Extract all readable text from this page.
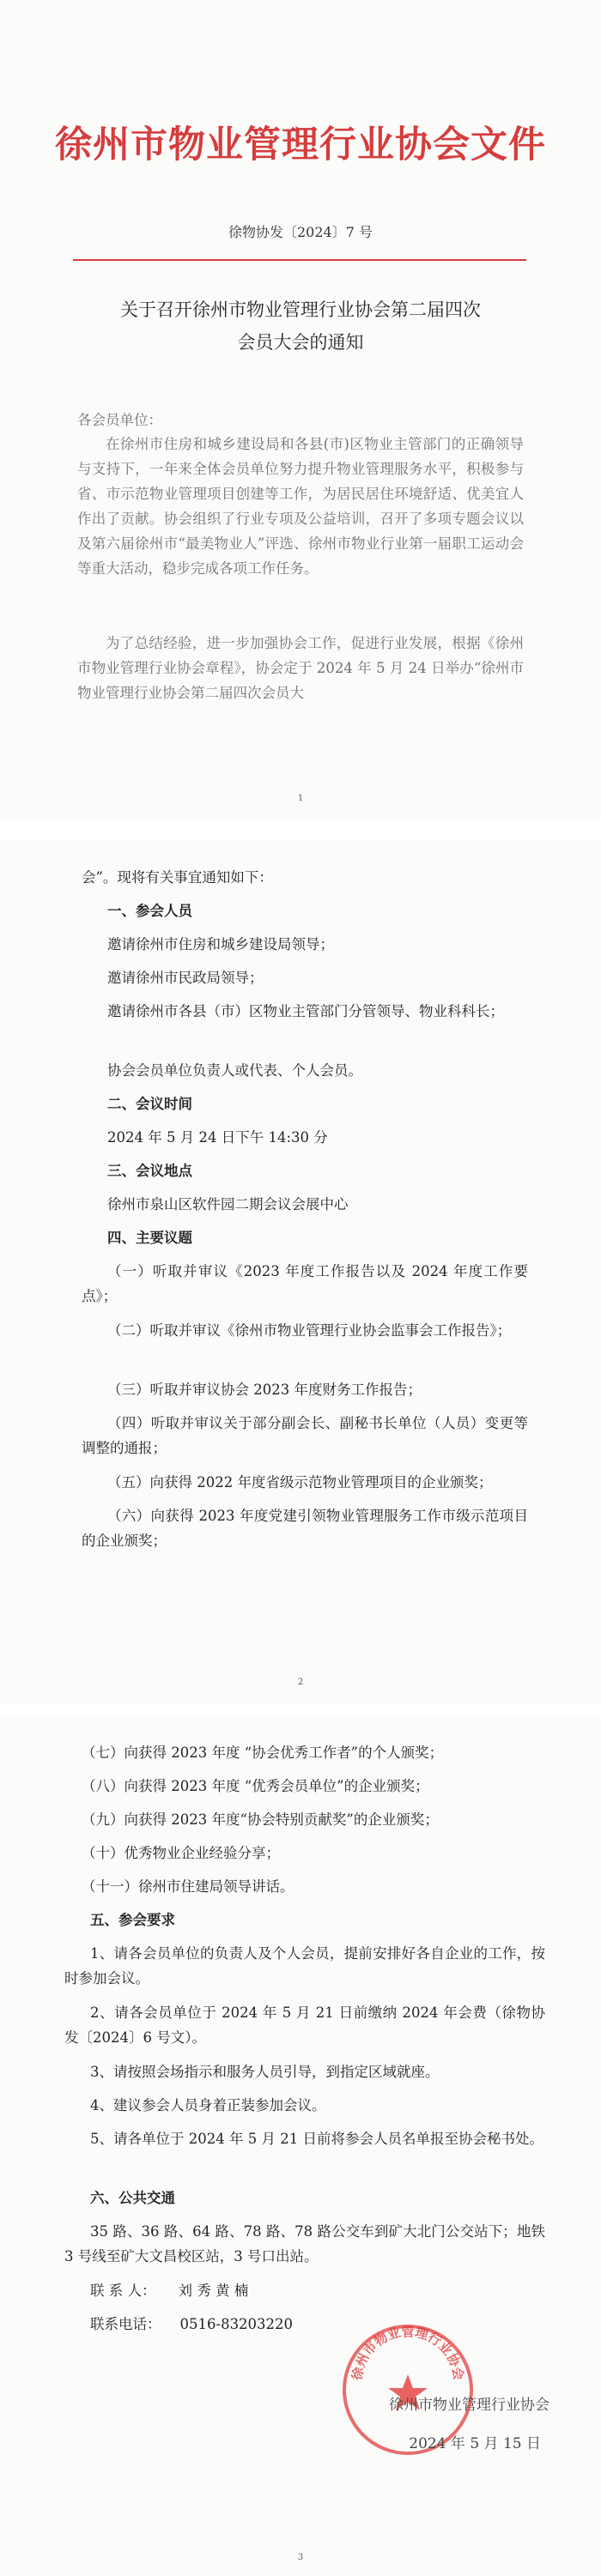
徐州市物业管理行业协会文件
徐物协发〔2024〕7 号
关于召开徐州市物业管理行业协会第二届四次
会员大会的通知

各会员单位：

在徐州市住房和城乡建设局和各县(市)区物业主管部门的正确领导与支持下，一年来全体会员单位努力提升物业管理服务水平，积极参与省、市示范物业管理项目创建等工作，为居民居住环境舒适、优美宜人作出了贡献。协会组织了行业专项及公益培训，召开了多项专题会议以及第六届徐州市“最美物业人”评选、徐州市物业行业第一届职工运动会等重大活动，稳步完成各项工作任务。

为了总结经验，进一步加强协会工作，促进行业发展，根据《徐州市物业管理行业协会章程》，协会定于 2024 年 5 月 24 日举办“徐州市物业管理行业协会第二届四次会员大

1

会”。现将有关事宜通知如下：

一、参会人员

邀请徐州市住房和城乡建设局领导；

邀请徐州市民政局领导；

邀请徐州市各县（市）区物业主管部门分管领导、物业科科长；

协会会员单位负责人或代表、个人会员。

二、会议时间

2024 年 5 月 24 日下午 14:30 分

三、会议地点

徐州市泉山区软件园二期会议会展中心

四、主要议题

（一）听取并审议《2023 年度工作报告以及 2024 年度工作要点》；

（二）听取并审议《徐州市物业管理行业协会监事会工作报告》；

（三）听取并审议协会 2023 年度财务工作报告；

（四）听取并审议关于部分副会长、副秘书长单位（人员）变更等调整的通报；

（五）向获得 2022 年度省级示范物业管理项目的企业颁奖；

（六）向获得 2023 年度党建引领物业管理服务工作市级示范项目的企业颁奖；

2

（七）向获得 2023 年度 “协会优秀工作者”的个人颁奖；

（八）向获得 2023 年度 “优秀会员单位”的企业颁奖；

（九）向获得 2023 年度“协会特别贡献奖”的企业颁奖；

（十）优秀物业企业经验分享；

（十一）徐州市住建局领导讲话。

五、参会要求

1、请各会员单位的负责人及个人会员，提前安排好各自企业的工作，按时参加会议。

2、请各会员单位于 2024 年 5 月 21 日前缴纳 2024 年会费（徐物协发〔2024〕6 号文）。

3、请按照会场指示和服务人员引导，到指定区域就座。

4、建议参会人员身着正装参加会议。

5、请各单位于 2024 年 5 月 21 日前将参会人员名单报至协会秘书处。

六、公共交通

35 路、36 路、64 路、78 路、78 路公交车到矿大北门公交站下；地铁 3 号线至矿大文昌校区站，3 号口出站。

联 系 人： 刘 秀 黄 楠

联系电话： 0516-83203220

徐州市物业管理行业协会
徐州市物业管理行业协会
2024 年 5 月 15 日
3
